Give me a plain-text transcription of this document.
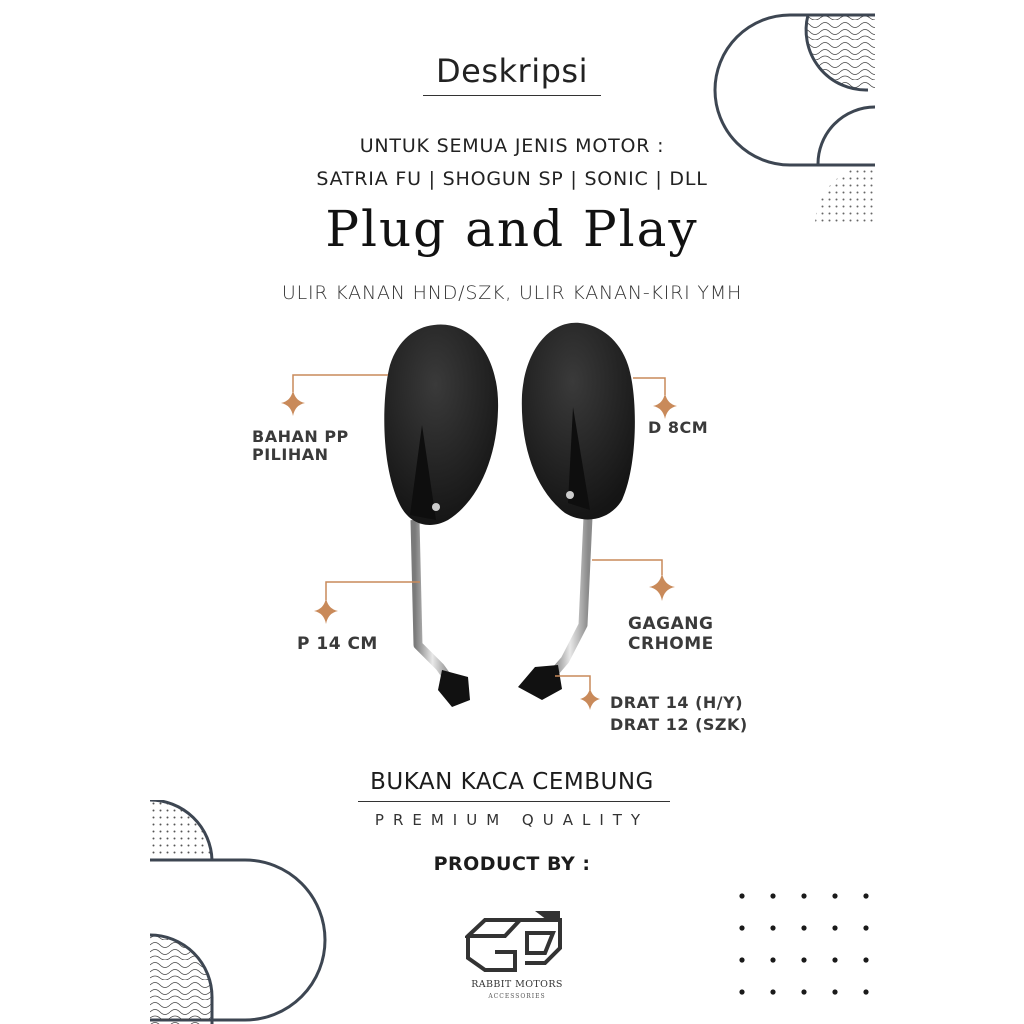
Deskripsi
UNTUK SEMUA JENIS MOTOR :
SATRIA FU | SHOGUN SP | SONIC | DLL
Plug and Play
ULIR KANAN HND/SZK, ULIR KANAN-KIRI YMH
BAHAN PP
PILIHAN
D 8CM
P 14 CM
GAGANG
CRHOME
DRAT 14 (H/Y)
DRAT 12 (SZK)
BUKAN KACA CEMBUNG
PREMIUM QUALITY
PRODUCT BY :
RABBIT MOTORS
ACCESSORIES
